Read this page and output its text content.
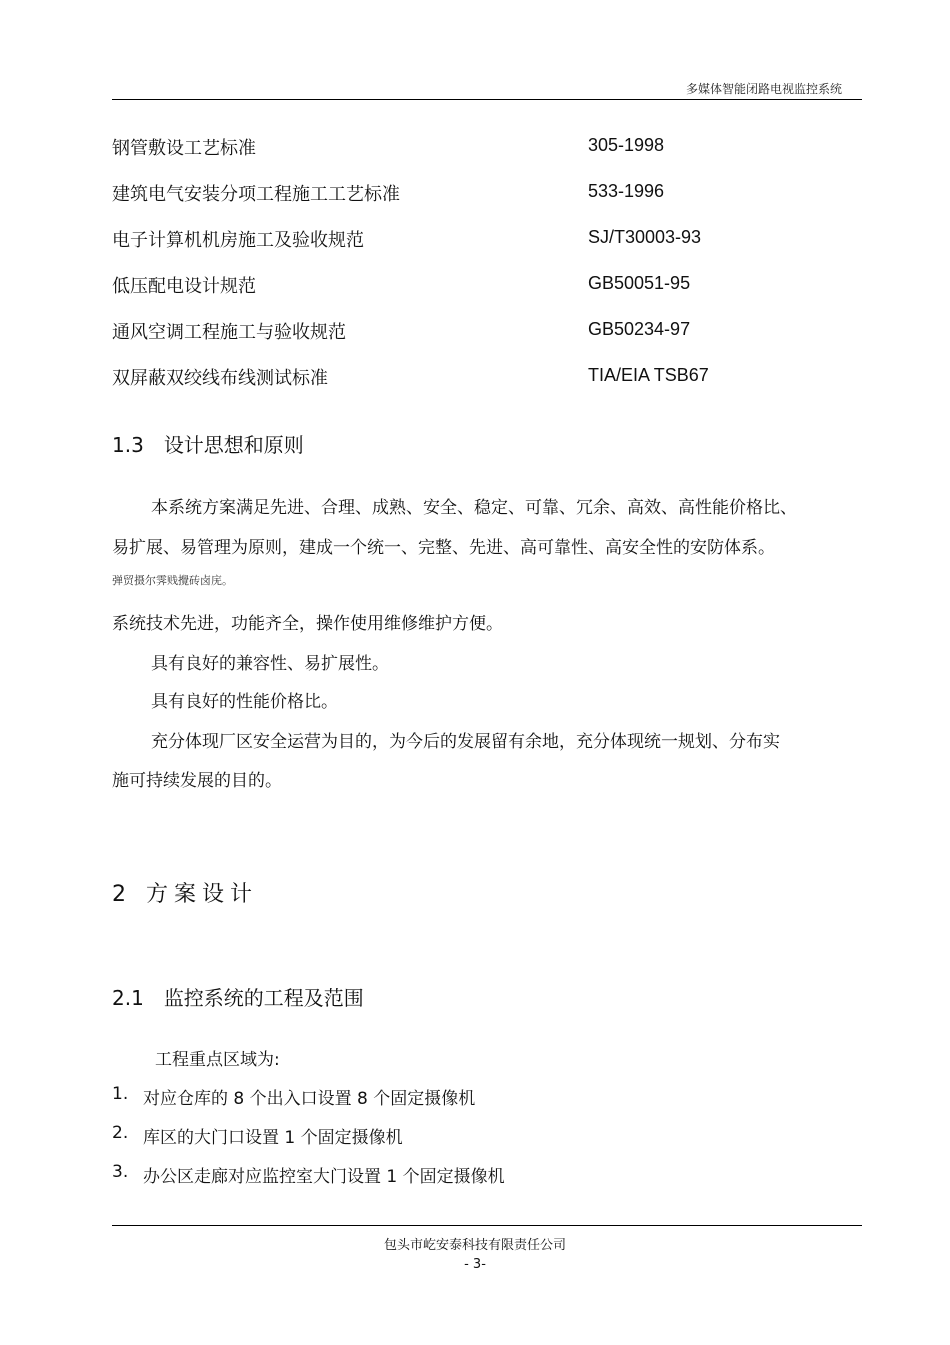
多媒体智能闭路电视监控系统
钢管敷设工艺标准	305-1998
建筑电气安装分项工程施工工艺标准	533-1996
电子计算机机房施工及验收规范	SJ/T30003-93
低压配电设计规范	GB50051-95
通风空调工程施工与验收规范	GB50234-97
双屏蔽双绞线布线测试标准	TIA/EIA TSB67
1.3 设计思想和原则
本系统方案满足先进、合理、成熟、安全、稳定、可靠、冗余、高效、高性能价格比、
易扩展、易管理为原则，建成一个统一、完整、先进、高可靠性、高安全性的安防体系。
弹贸摄尔霁贱攪砖卤庑。
系统技术先进，功能齐全，操作使用维修维护方便。
具有良好的兼容性、易扩展性。
具有良好的性能价格比。
充分体现厂区安全运营为目的，为今后的发展留有余地，充分体现统一规划、分布实
施可持续发展的目的。
2 方案设计
2.1 监控系统的工程及范围
工程重点区域为:
1. 对应仓库的 8 个出入口设置 8 个固定摄像机
2. 库区的大门口设置 1 个固定摄像机
3. 办公区走廊对应监控室大门设置 1 个固定摄像机
包头市屹安泰科技有限责任公司
- 3-
